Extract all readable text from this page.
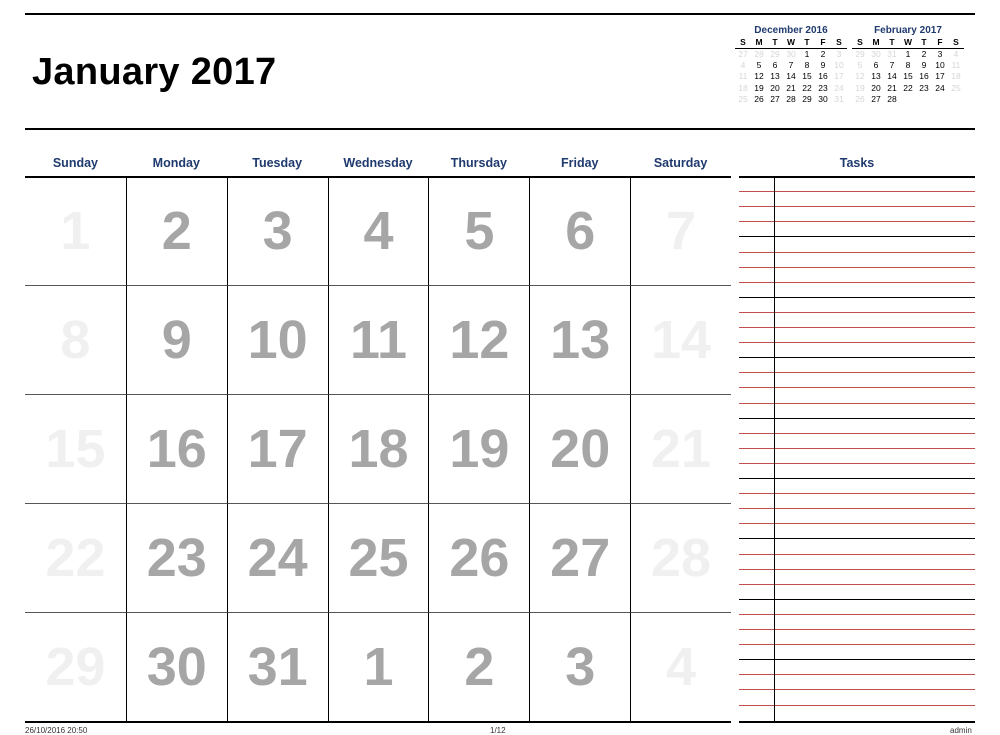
January 2017
December 2016
S	M	T	W	T	F	S
27 28 29 30	1	2	3
4	5	6	7	8	9	10
11 12 13 14 15 16 17
18 19 20 21 22 23 24
25 26 27 28 29 30 31
February 2017
S	M	T	W	T	F	S
29 30 31	1	2	3	4
5	6	7	8	9	10 11
12 13 14 15 16 17 18
19 20 21 22 23 24 25
26 27 28
Sunday	Monday	Tuesday	Wednesday	Thursday	Friday	Saturday
1 2 3 4 5 6 7
8 9 10 11 12 13 14
15 16 17 18 19 20 21
22 23 24 25 26 27 28
29 30 31 1 2 3 4
Tasks
26/10/2016 20:50	1/12	admin
